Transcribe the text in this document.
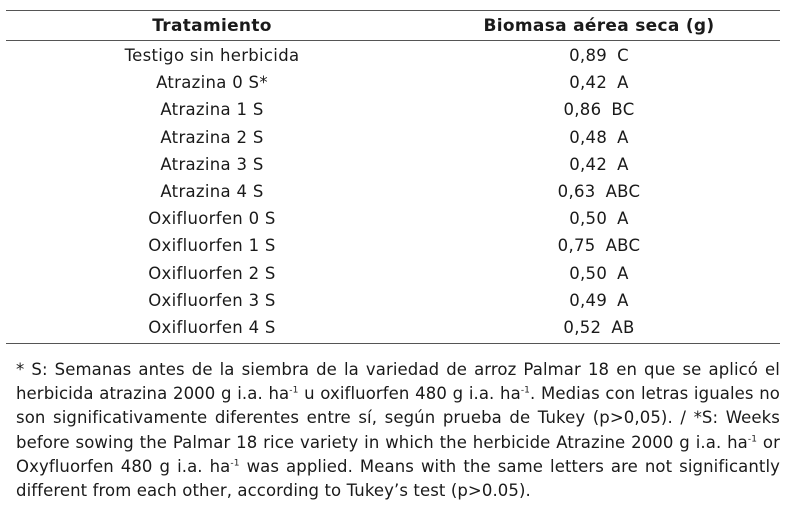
Tratamiento	Biomasa aérea seca (g)
Testigo sin herbicida	0,89 C
Atrazina 0 S*	0,42 A
Atrazina 1 S	0,86 BC
Atrazina 2 S	0,48 A
Atrazina 3 S	0,42 A
Atrazina 4 S	0,63 ABC
Oxifluorfen 0 S	0,50 A
Oxifluorfen 1 S	0,75 ABC
Oxifluorfen 2 S	0,50 A
Oxifluorfen 3 S	0,49 A
Oxifluorfen 4 S	0,52 AB
* S: Semanas antes de la siembra de la variedad de arroz Palmar 18 en que se aplicó el herbicida atrazina 2000 g i.a. $ha^{-1}$ u oxifluorfen 480 g i.a. $ha^{-1}$. Medias con letras iguales no son significativamente diferentes entre sí, según prueba de Tukey (p>0,05). / *S: Weeks before sowing the Palmar 18 rice variety in which the herbicide Atrazine 2000 g i.a. $ha^{-1}$ or Oxyfluorfen 480 g i.a. $ha^{-1}$ was applied. Means with the same letters are not significantly different from each other, according to Tukey’s test (p>0.05).
